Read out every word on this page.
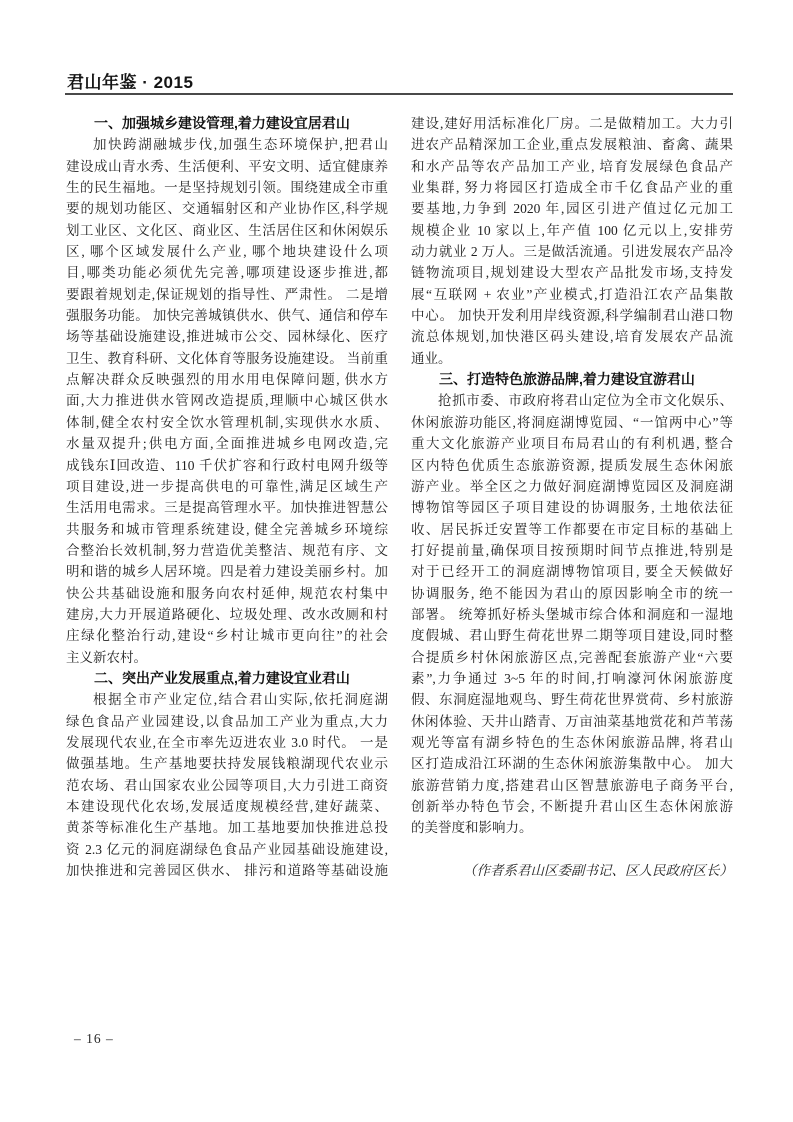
君山年鉴 · 2015
一、加强城乡建设管理,着力建设宜居君山
加快跨湖融城步伐,加强生态环境保护,把君山
建设成山青水秀、生活便利、平安文明、适宜健康养
生的民生福地。一是坚持规划引领。围绕建成全市重
要的规划功能区、交通辐射区和产业协作区,科学规
划工业区、文化区、商业区、生活居住区和休闲娱乐
区, 哪个区域发展什么产业, 哪个地块建设什么项
目,哪类功能必须优先完善,哪项建设逐步推进,都
要跟着规划走,保证规划的指导性、严肃性。 二是增
强服务功能。 加快完善城镇供水、供气、通信和停车
场等基础设施建设,推进城市公交、园林绿化、医疗
卫生、教育科研、文化体育等服务设施建设。 当前重
点解决群众反映强烈的用水用电保障问题, 供水方
面,大力推进供水管网改造提质,理顺中心城区供水
体制,健全农村安全饮水管理机制,实现供水水质、
水量双提升;供电方面,全面推进城乡电网改造,完
成钱东Ⅰ回改造、110 千伏扩容和行政村电网升级等
项目建设,进一步提高供电的可靠性,满足区域生产
生活用电需求。三是提高管理水平。加快推进智慧公
共服务和城市管理系统建设, 健全完善城乡环境综
合整治长效机制,努力营造优美整洁、规范有序、文
明和谐的城乡人居环境。四是着力建设美丽乡村。加
快公共基础设施和服务向农村延伸, 规范农村集中
建房,大力开展道路硬化、垃圾处理、改水改厕和村
庄绿化整治行动,建设“乡村让城市更向往”的社会
主义新农村。
二、突出产业发展重点,着力建设宜业君山
根据全市产业定位,结合君山实际,依托洞庭湖
绿色食品产业园建设,以食品加工产业为重点,大力
发展现代农业,在全市率先迈进农业 3.0 时代。 一是
做强基地。生产基地要扶持发展钱粮湖现代农业示
范农场、君山国家农业公园等项目,大力引进工商资
本建设现代化农场,发展适度规模经营,建好蔬菜、
黄茶等标准化生产基地。加工基地要加快推进总投
资 2.3 亿元的洞庭湖绿色食品产业园基础设施建设,
加快推进和完善园区供水、 排污和道路等基础设施
建设,建好用活标准化厂房。二是做精加工。大力引
进农产品精深加工企业,重点发展粮油、畜禽、蔬果
和水产品等农产品加工产业, 培育发展绿色食品产
业集群, 努力将园区打造成全市千亿食品产业的重
要基地,力争到 2020 年,园区引进产值过亿元加工
规模企业 10 家以上,年产值 100 亿元以上,安排劳
动力就业 2 万人。三是做活流通。引进发展农产品冷
链物流项目,规划建设大型农产品批发市场,支持发
展“互联网 + 农业”产业模式,打造沿江农产品集散
中心。 加快开发利用岸线资源,科学编制君山港口物
流总体规划,加快港区码头建设,培育发展农产品流
通业。
三、打造特色旅游品牌,着力建设宜游君山
抢抓市委、市政府将君山定位为全市文化娱乐、
休闲旅游功能区,将洞庭湖博览园、“一馆两中心”等
重大文化旅游产业项目布局君山的有利机遇, 整合
区内特色优质生态旅游资源, 提质发展生态休闲旅
游产业。举全区之力做好洞庭湖博览园区及洞庭湖
博物馆等园区子项目建设的协调服务, 土地依法征
收、居民拆迁安置等工作都要在市定目标的基础上
打好提前量,确保项目按预期时间节点推进,特别是
对于已经开工的洞庭湖博物馆项目, 要全天候做好
协调服务, 绝不能因为君山的原因影响全市的统一
部署。 统筹抓好桥头堡城市综合体和洞庭和一湿地
度假城、君山野生荷花世界二期等项目建设,同时整
合提质乡村休闲旅游区点,完善配套旅游产业“六要
素”,力争通过 3~5 年的时间,打响濠河休闲旅游度
假、东洞庭湿地观鸟、野生荷花世界赏荷、乡村旅游
休闲体验、天井山踏青、万亩油菜基地赏花和芦苇荡
观光等富有湖乡特色的生态休闲旅游品牌, 将君山
区打造成沿江环湖的生态休闲旅游集散中心。 加大
旅游营销力度,搭建君山区智慧旅游电子商务平台,
创新举办特色节会, 不断提升君山区生态休闲旅游
的美誉度和影响力。
（作者系君山区委副书记、区人民政府区长）
– 16 –
